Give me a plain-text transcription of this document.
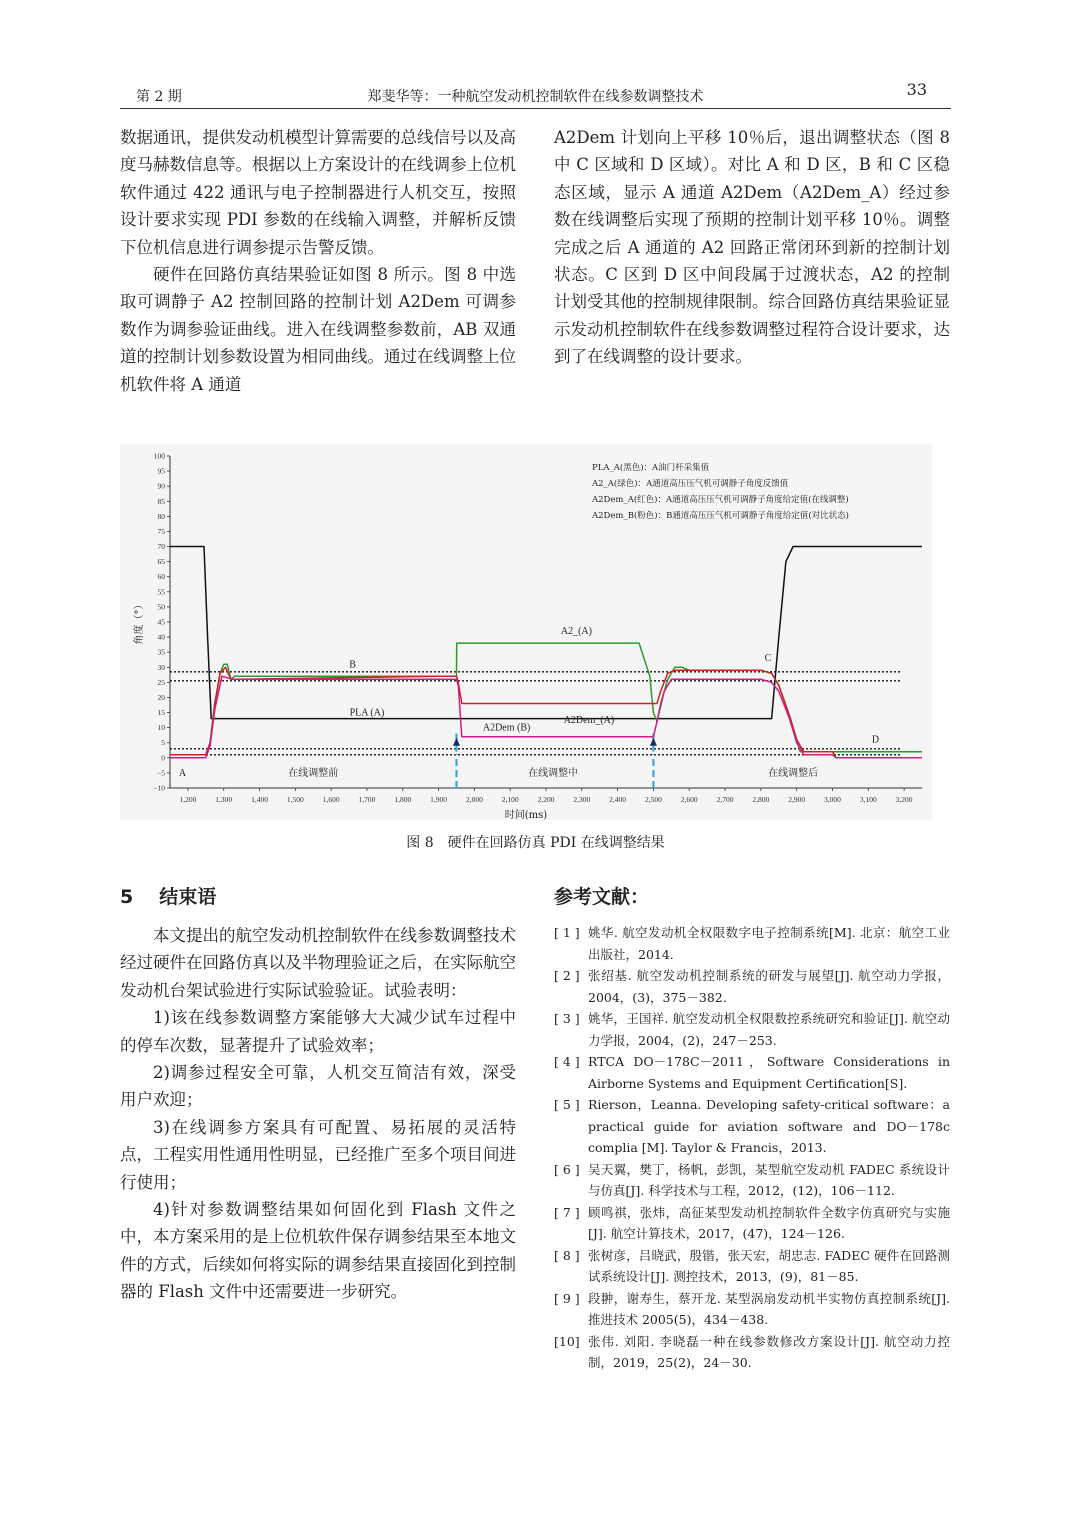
第 2 期	郑斐华等：一种航空发动机控制软件在线参数调整技术	33

数据通讯，提供发动机模型计算需要的总线信号以及高度马赫数信息等。根据以上方案设计的在线调参上位机软件通过 422 通讯与电子控制器进行人机交互，按照设计要求实现 PDI 参数的在线输入调整，并解析反馈下位机信息进行调参提示告警反馈。

硬件在回路仿真结果验证如图 8 所示。图 8 中选取可调静子 A2 控制回路的控制计划 A2Dem 可调参数作为调参验证曲线。进入在线调整参数前，AB 双通道的控制计划参数设置为相同曲线。通过在线调整上位机软件将 A 通道

A2Dem 计划向上平移 10％后，退出调整状态（图 8 中 C 区域和 D 区域）。对比 A 和 D 区，B 和 C 区稳态区域，显示 A 通道 A2Dem（A2Dem_A）经过参数在线调整后实现了预期的控制计划平移 10％。调整完成之后 A 通道的 A2 回路正常闭环到新的控制计划状态。C 区到 D 区中间段属于过渡状态，A2 的控制计划受其他的控制规律限制。综合回路仿真结果验证显示发动机控制软件在线参数调整过程符合设计要求，达到了在线调整的设计要求。

−10
−5
0
5
10
15
20
25
30
35
40
45
50
55
60
65
70
75
80
85
90
95
100
1,200	1,300	1,400	1,500	1,600	1,700	1,800	1,900	2,000	2,100	2,200	2,300	2,400	2,500	2,600	2,700	2,800	2,900	3,000	3,100	3,200
时间(ms)
角度（°）
A
B
C
D
PLA (A)
A2_(A)
A2Dem (B)
A2Dem_(A)
在线调整前	在线调整中	在线调整后
PLA_A(黑色)：A油门杆采集值
A2_A(绿色)：A通道高压压气机可调静子角度反馈值
A2Dem_A(红色)：A通道高压压气机可调静子角度给定值(在线调整)
A2Dem_B(粉色)：B通道高压压气机可调静子角度给定值(对比状态)
图 8　硬件在回路仿真 PDI 在线调整结果
5 结束语

本文提出的航空发动机控制软件在线参数调整技术经过硬件在回路仿真以及半物理验证之后，在实际航空发动机台架试验进行实际试验验证。试验表明：

1)该在线参数调整方案能够大大减少试车过程中的停车次数，显著提升了试验效率；

2)调参过程安全可靠，人机交互简洁有效，深受用户欢迎；

3)在线调参方案具有可配置、易拓展的灵活特点，工程实用性通用性明显，已经推广至多个项目间进行使用；

4)针对参数调整结果如何固化到 Flash 文件之中，本方案采用的是上位机软件保存调参结果至本地文件的方式，后续如何将实际的调参结果直接固化到控制器的 Flash 文件中还需要进一步研究。

参考文献：
[ 1 ] 姚华. 航空发动机全权限数字电子控制系统[M]. 北京：航空工业出版社，2014.
[ 2 ] 张绍基. 航空发动机控制系统的研发与展望[J]. 航空动力学报，2004，(3)，375－382.
[ 3 ] 姚华，王国祥. 航空发动机全权限数控系统研究和验证[J]. 航空动力学报，2004，(2)，247－253.
[ 4 ] RTCA DO－178C－2011，Software Considerations in Airborne Systems and Equipment Certification[S].
[ 5 ] Rierson，Leanna. Developing safety-critical software：a practical guide for aviation software and DO－178c complia [M]. Taylor & Francis，2013.
[ 6 ] 吴天翼，樊丁，杨帆，彭凯，某型航空发动机 FADEC 系统设计与仿真[J]. 科学技术与工程，2012，(12)，106－112.
[ 7 ] 顾鸣祺，张炜，高征某型发动机控制软件全数字仿真研究与实施[J]. 航空计算技术，2017，(47)，124－126.
[ 8 ] 张树彦，吕晓武，殷锴，张天宏，胡忠志. FADEC 硬件在回路测试系统设计[J]. 测控技术，2013，(9)，81－85.
[ 9 ] 段翀，谢寿生，蔡开龙. 某型涡扇发动机半实物仿真控制系统[J]. 推进技术 2005(5)，434－438.
[10] 张伟. 刘阳. 李晓磊一种在线参数修改方案设计[J]. 航空动力控制，2019，25(2)，24－30.
